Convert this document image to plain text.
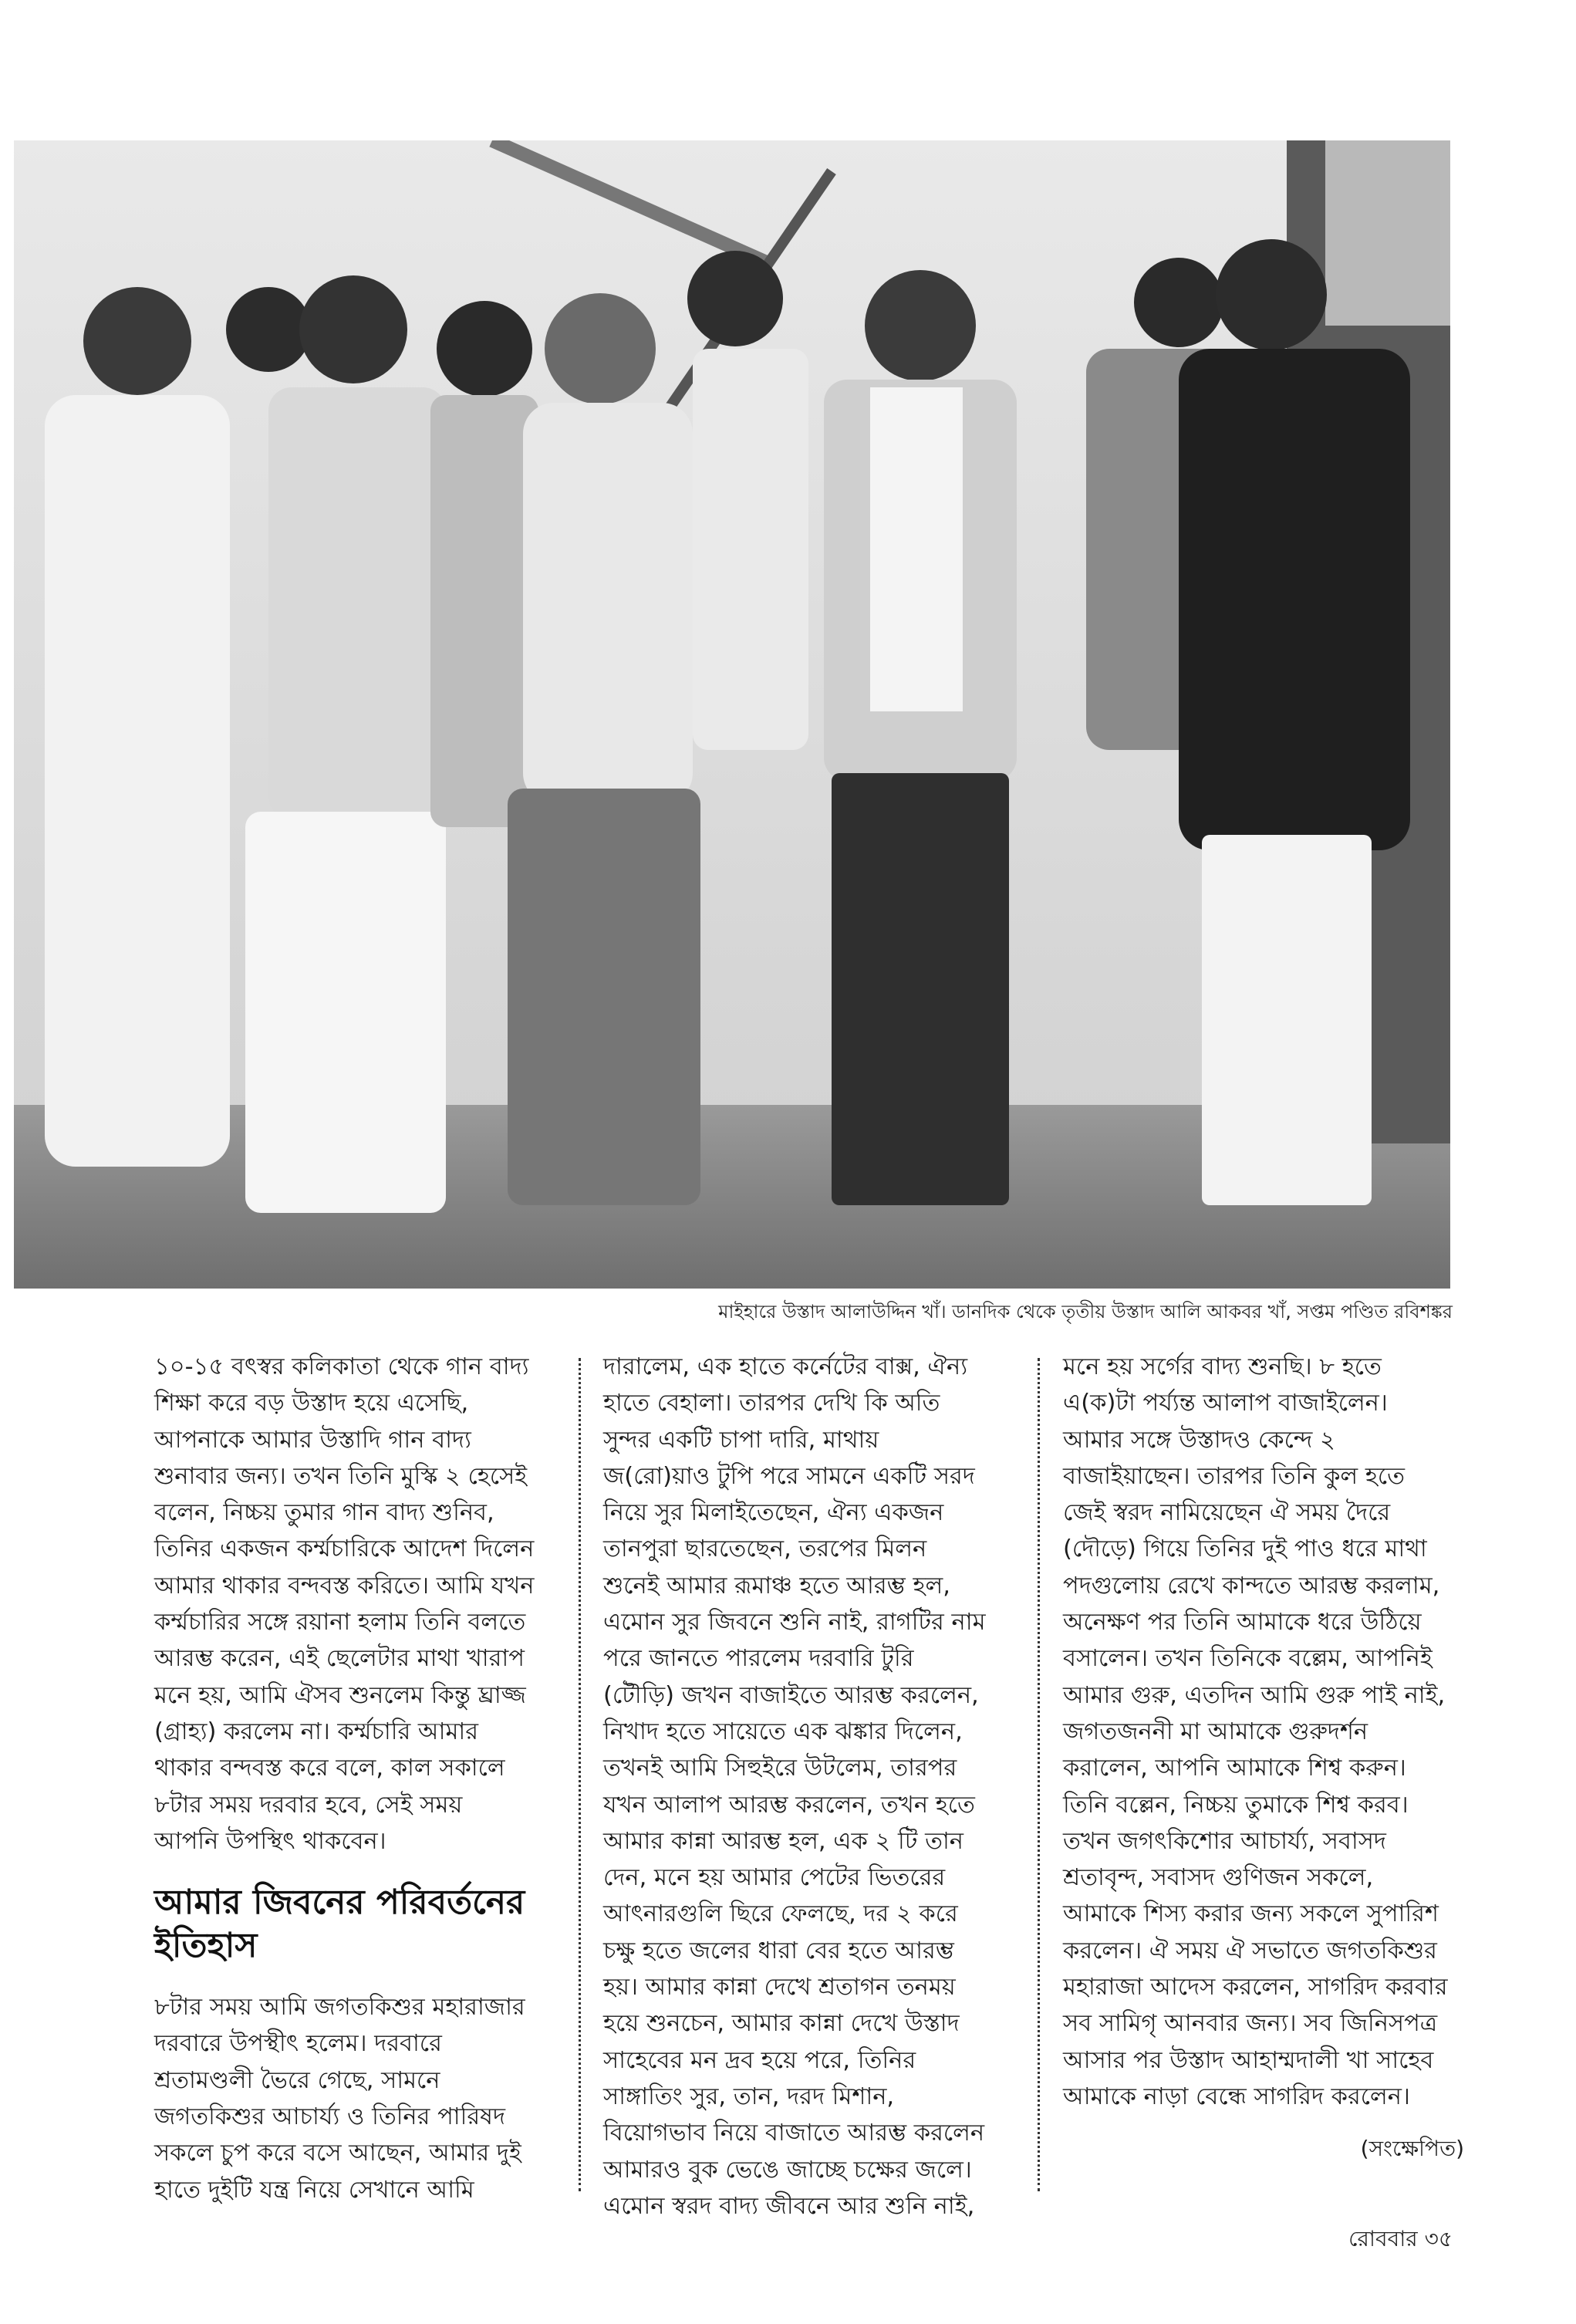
মাইহারে উস্তাদ আলাউদ্দিন খাঁ। ডানদিক থেকে তৃতীয় উস্তাদ আলি আকবর খাঁ, সপ্তম পণ্ডিত রবিশঙ্কর

১০-১৫ বৎস্বর কলিকাতা থেকে গান বাদ্য
শিক্ষা করে বড় উস্তাদ হয়ে এসেছি,
আপনাকে আমার উস্তাদি গান বাদ্য
শুনাবার জন্য। তখন তিনি মুস্কি ২ হেসেই
বলেন, নিচ্চয় তুমার গান বাদ্য শুনিব,
তিনির একজন কর্ম্মচারিকে আদেশ দিলেন
আমার থাকার বন্দবস্ত করিতে। আমি যখন
কর্ম্মচারির সঙ্গে রয়ানা হলাম তিনি বলতে
আরম্ভ করেন, এই ছেলেটার মাথা খারাপ
মনে হয়, আমি ঐসব শুনলেম কিন্তু ঘ্রাজ্জ
(গ্রাহ্য) করলেম না। কর্ম্মচারি আমার
থাকার বন্দবস্ত করে বলে, কাল সকালে
৮টার সময় দরবার হবে, সেই সময়
আপনি উপস্থিৎ থাকবেন।

আমার জিবনের পরিবর্তনের
ইতিহাস

৮টার সময় আমি জগতকিশুর মহারাজার
দরবারে উপস্থীৎ হলেম। দরবারে
শ্রতামণ্ডলী ভৈরে গেছে, সামনে
জগতকিশুর আচার্য্য ও তিনির পারিষদ
সকলে চুপ করে বসে আছেন, আমার দুই
হাতে দুইটি যন্ত্র নিয়ে সেখানে আমি

দারালেম, এক হাতে কর্নেটের বাক্স, ঐন্য
হাতে বেহালা। তারপর দেখি কি অতি
সুন্দর একটি চাপা দারি, মাথায়
জ(রো)য়াও টুপি পরে সামনে একটি সরদ
নিয়ে সুর মিলাইতেছেন, ঐন্য একজন
তানপুরা ছারতেছেন, তরপের মিলন
শুনেই আমার রূমাঞ্চ হতে আরম্ভ হল,
এমোন সুর জিবনে শুনি নাই, রাগটির নাম
পরে জানতে পারলেম দরবারি টুরি
(টৌড়ি) জখন বাজাইতে আরম্ভ করলেন,
নিখাদ হতে সায়েতে এক ঝঙ্কার দিলেন,
তখনই আমি সিহুইরে উটলেম, তারপর
যখন আলাপ আরম্ভ করলেন, তখন হতে
আমার কান্না আরম্ভ হল, এক ২ টি তান
দেন, মনে হয় আমার পেটের ভিতরের
আৎনারগুলি ছিরে ফেলছে, দর ২ করে
চক্ষু হতে জলের ধারা বের হতে আরম্ভ
হয়। আমার কান্না দেখে শ্রতাগন তনময়
হয়ে শুনচেন, আমার কান্না দেখে উস্তাদ
সাহেবের মন দ্রব হয়ে পরে, তিনির
সাঙ্গাতিং সুর, তান, দরদ মিশান,
বিয়োগভাব নিয়ে বাজাতে আরম্ভ করলেন
আমারও বুক ভেঙে জাচ্ছে চক্ষের জলে।
এমোন স্বরদ বাদ্য জীবনে আর শুনি নাই,

মনে হয় সর্গের বাদ্য শুনছি। ৮ হতে
এ(ক)টা পর্য্যন্ত আলাপ বাজাইলেন।
আমার সঙ্গে উস্তাদও কেন্দে ২
বাজাইয়াছেন। তারপর তিনি কুল হতে
জেই স্বরদ নামিয়েছেন ঐ সময় দৈরে
(দৌড়ে) গিয়ে তিনির দুই পাও ধরে মাথা
পদগুলোয় রেখে কান্দতে আরম্ভ করলাম,
অনেক্ষণ পর তিনি আমাকে ধরে উঠিয়ে
বসালেন। তখন তিনিকে বল্লেম, আপনিই
আমার গুরু, এতদিন আমি গুরু পাই নাই,
জগতজননী মা আমাকে গুরুদর্শন
করালেন, আপনি আমাকে শিশ্ব করুন।
তিনি বল্লেন, নিচ্চয় তুমাকে শিশ্ব করব।
তখন জগৎকিশোর আচার্য্য, সবাসদ
শ্রতাবৃন্দ, সবাসদ গুণিজন সকলে,
আমাকে শিস্য করার জন্য সকলে সুপারিশ
করলেন। ঐ সময় ঐ সভাতে জগতকিশুর
মহারাজা আদেস করলেন, সাগরিদ করবার
সব সামিগৃ আনবার জন্য। সব জিনিসপত্র
আসার পর উস্তাদ আহাম্মদালী খা সাহেব
আমাকে নাড়া বেন্ধে সাগরিদ করলেন।

(সংক্ষেপিত)
রোববার ৩৫
